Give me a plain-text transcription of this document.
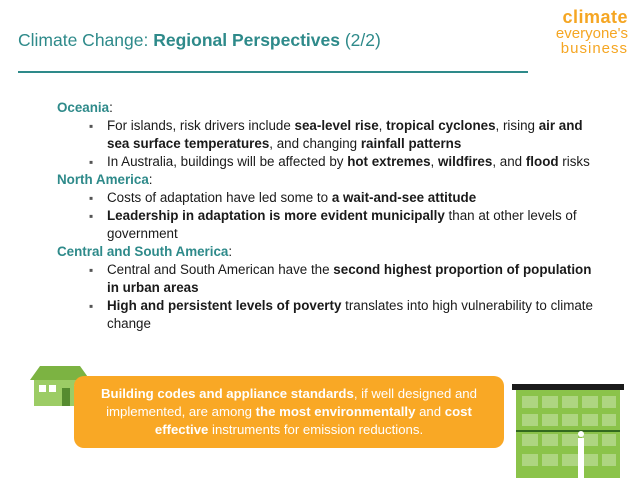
Climate Change: Regional Perspectives (2/2)
climate
everyone's
business
Oceania:
▪ For islands, risk drivers include sea-level rise, tropical cyclones, rising air and sea surface temperatures, and changing rainfall patterns
▪ In Australia, buildings will be affected by hot extremes, wildfires, and flood risks
North America:
▪ Costs of adaptation have led some to a wait-and-see attitude
▪ Leadership in adaptation is more evident municipally than at other levels of government
Central and South America:
▪ Central and South American have the second highest proportion of population in urban areas
▪ High and persistent levels of poverty translates into high vulnerability to climate change
Building codes and appliance standards, if well designed and implemented, are among the most environmentally and cost effective instruments for emission reductions.
